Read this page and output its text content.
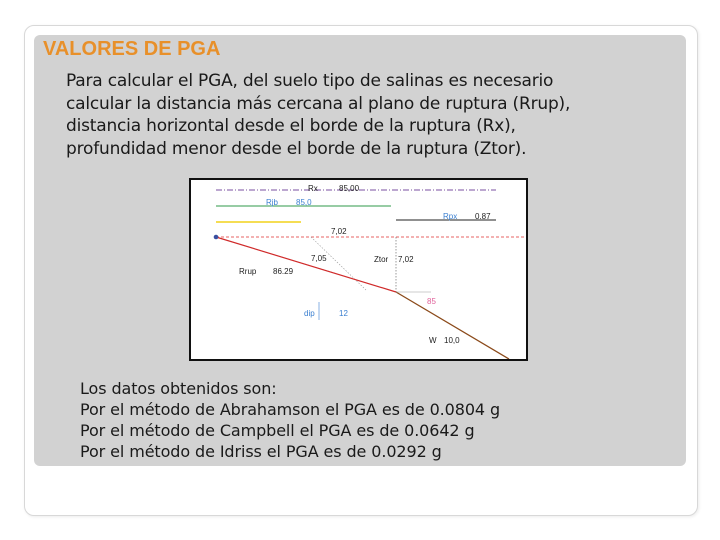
VALORES DE PGA
Para calcular el PGA, del suelo tipo de salinas es necesario
calcular la distancia más cercana al plano de ruptura (Rrup),
distancia horizontal desde el borde de la ruptura (Rx),
profundidad menor desde el borde de la ruptura (Ztor).
Rx	85,00
Rjb 85,0
Rpx 0.87
7,02
7,05	Ztor 7,02
Rrup 86.29
85
dip	12
W 10,0
Los datos obtenidos son:
Por el método de Abrahamson el PGA es de 0.0804 g
Por el método de Campbell el PGA es de 0.0642 g
Por el método de Idriss el PGA es de 0.0292 g
